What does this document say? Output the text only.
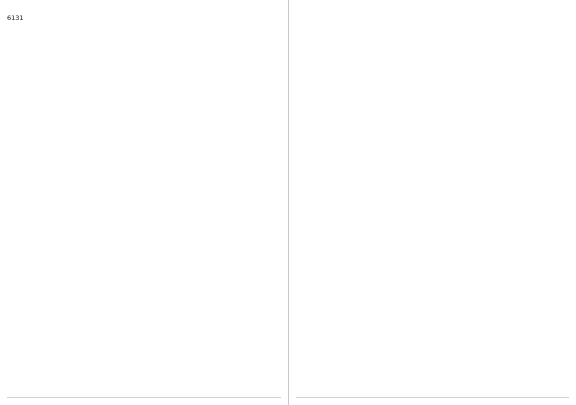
6131
